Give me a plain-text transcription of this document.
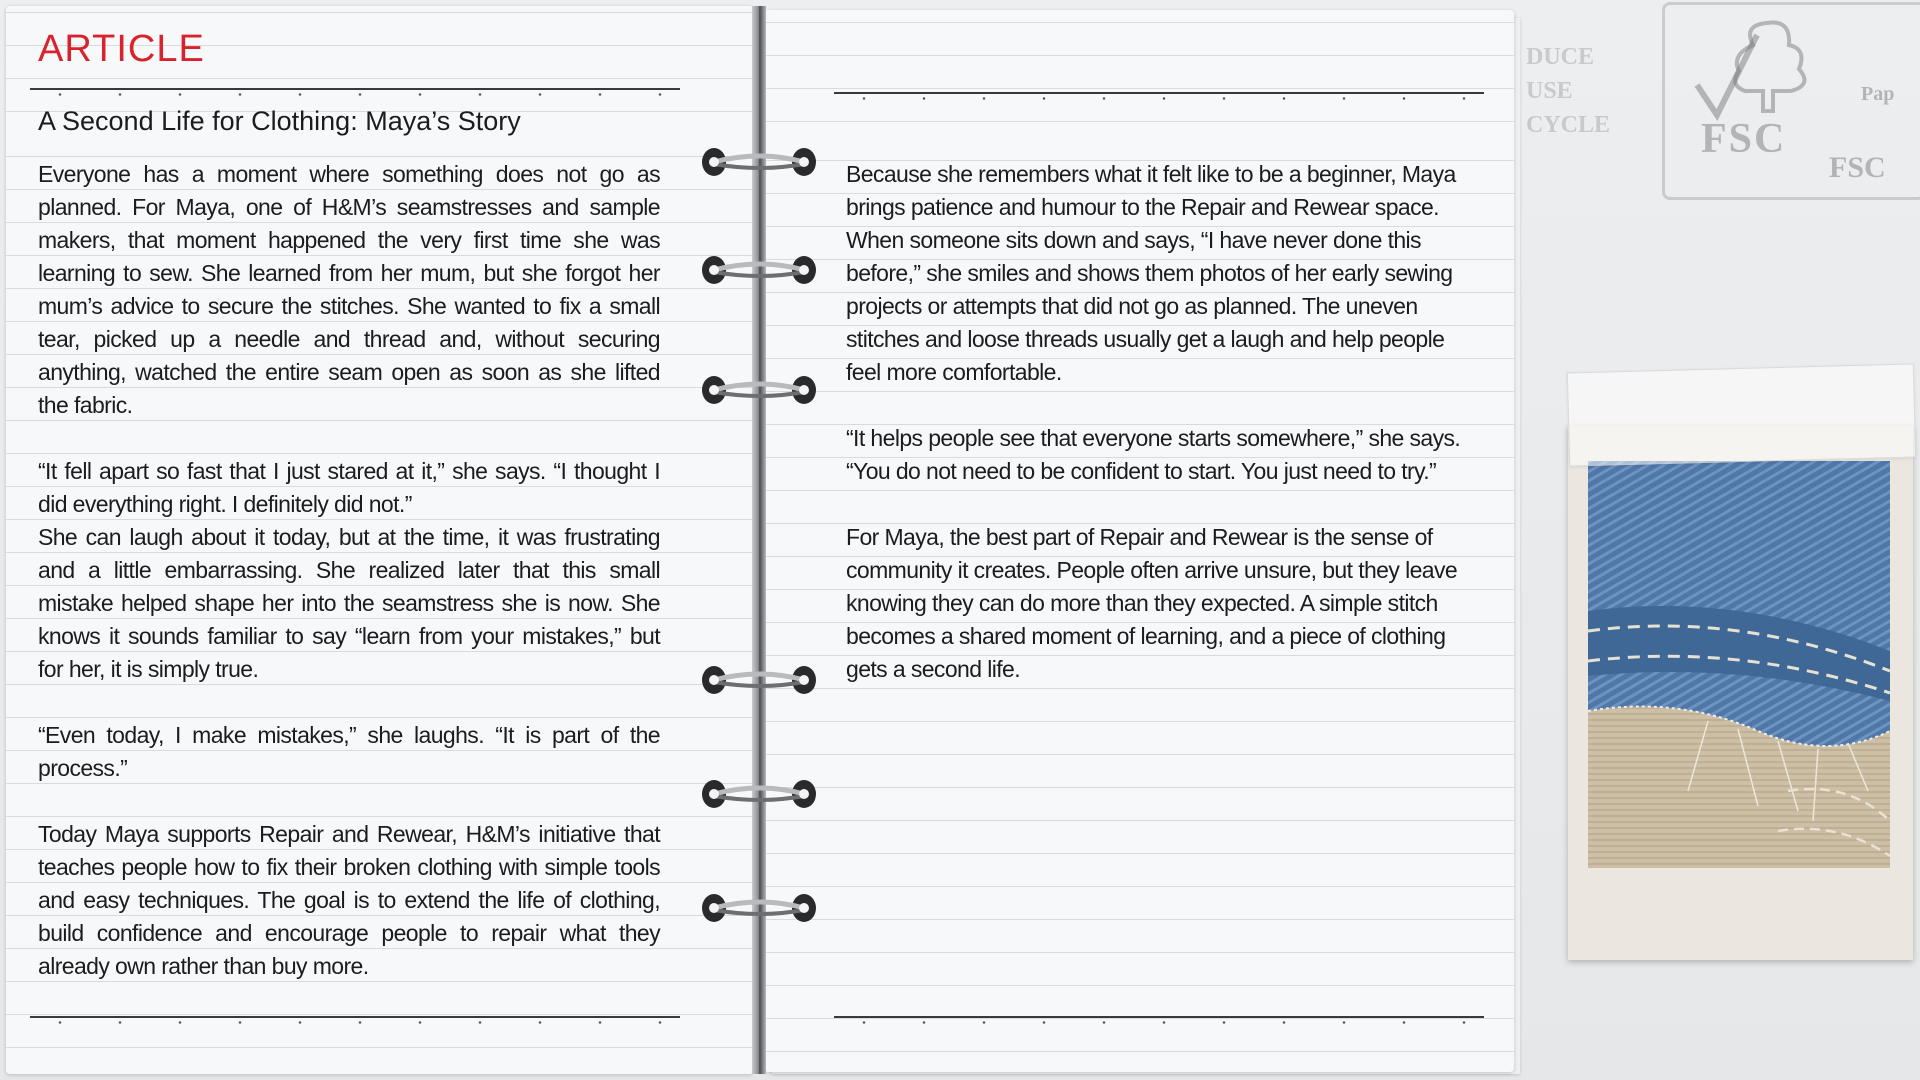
DUCE
USE
CYCLE FSC
Pap
FSC
ARTICLE
A Second Life for Clothing: Maya’s Story

Everyone has a moment where something does not go as planned. For Maya, one of H&M’s seamstresses and sample makers, that moment happened the very first time she was learning to sew. She learned from her mum, but she forgot her mum’s advice to secure the stitches. She wanted to fix a small tear, picked up a needle and thread and, without securing anything, watched the entire seam open as soon as she lifted the fabric.

“It fell apart so fast that I just stared at it,” she says. “I thought I did everything right. I definitely did not.”

She can laugh about it today, but at the time, it was frustrating and a little embarrassing. She realized later that this small mistake helped shape her into the seamstress she is now. She knows it sounds familiar to say “learn from your mistakes,” but for her, it is simply true.

“Even today, I make mistakes,” she laughs. “It is part of the process.”

Today Maya supports Repair and Rewear, H&M’s initiative that teaches people how to fix their broken clothing with simple tools and easy techniques. The goal is to extend the life of clothing, build confidence and encourage people to repair what they already own rather than buy more.

Because she remembers what it felt like to be a beginner, Maya brings patience and humour to the Repair and Rewear space. When someone sits down and says, “I have never done this before,” she smiles and shows them photos of her early sewing projects or attempts that did not go as planned. The uneven stitches and loose threads usually get a laugh and help people feel more comfortable.

“It helps people see that everyone starts somewhere,” she says. “You do not need to be confident to start. You just need to try.”

For Maya, the best part of Repair and Rewear is the sense of community it creates. People often arrive unsure, but they leave knowing they can do more than they expected. A simple stitch becomes a shared moment of learning, and a piece of clothing gets a second life.
